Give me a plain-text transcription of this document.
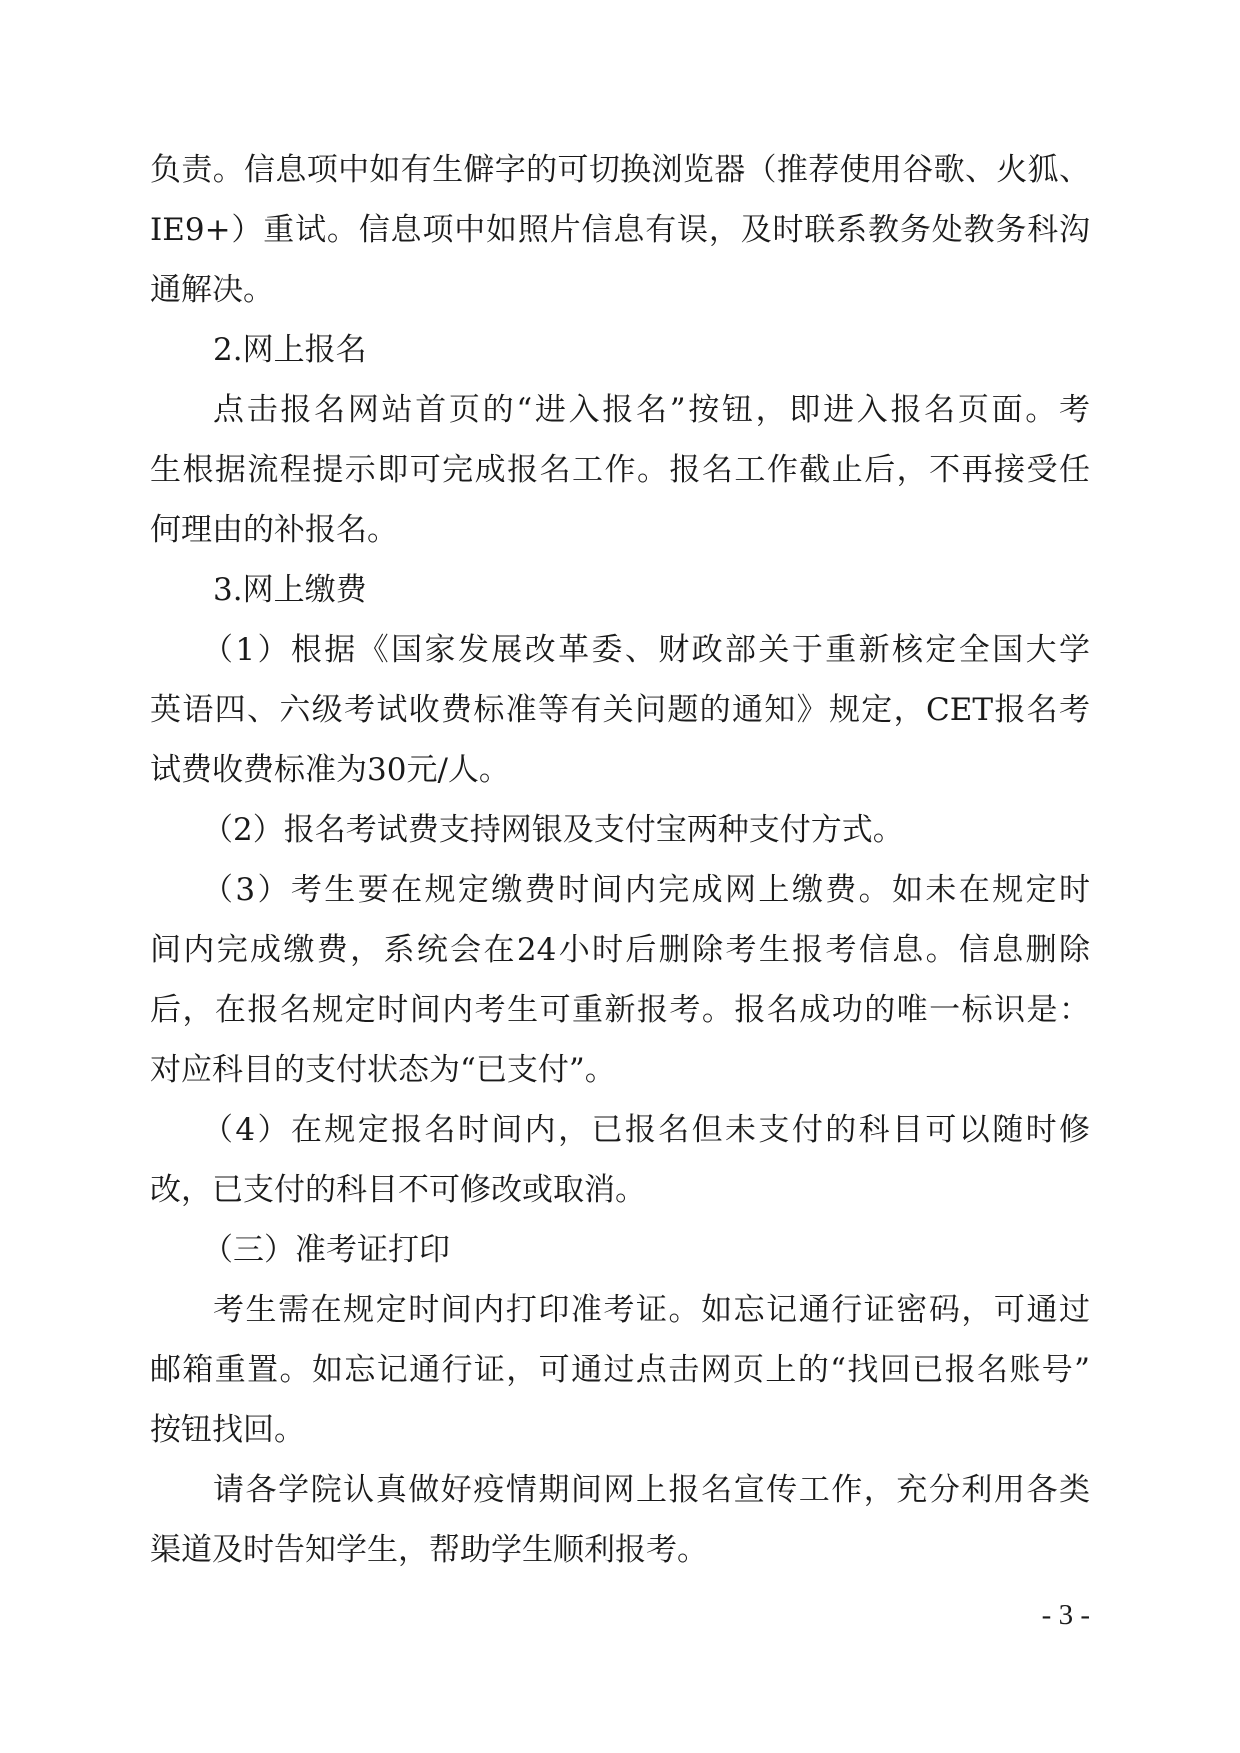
负责。信息项中如有生僻字的可切换浏览器（推荐使用谷歌、火狐、
IE9+）重试。信息项中如照片信息有误，及时联系教务处教务科沟
通解决。
2.网上报名
点击报名网站首页的“进入报名”按钮，即进入报名页面。考
生根据流程提示即可完成报名工作。报名工作截止后，不再接受任
何理由的补报名。
3.网上缴费
（1）根据《国家发展改革委、财政部关于重新核定全国大学
英语四、六级考试收费标准等有关问题的通知》规定，CET报名考
试费收费标准为30元/人。
（2）报名考试费支持网银及支付宝两种支付方式。
（3）考生要在规定缴费时间内完成网上缴费。如未在规定时
间内完成缴费，系统会在24小时后删除考生报考信息。信息删除
后，在报名规定时间内考生可重新报考。报名成功的唯一标识是：
对应科目的支付状态为“已支付”。
（4）在规定报名时间内，已报名但未支付的科目可以随时修
改，已支付的科目不可修改或取消。
（三）准考证打印
考生需在规定时间内打印准考证。如忘记通行证密码，可通过
邮箱重置。如忘记通行证，可通过点击网页上的“找回已报名账号”
按钮找回。
请各学院认真做好疫情期间网上报名宣传工作，充分利用各类
渠道及时告知学生，帮助学生顺利报考。
- 3 -
